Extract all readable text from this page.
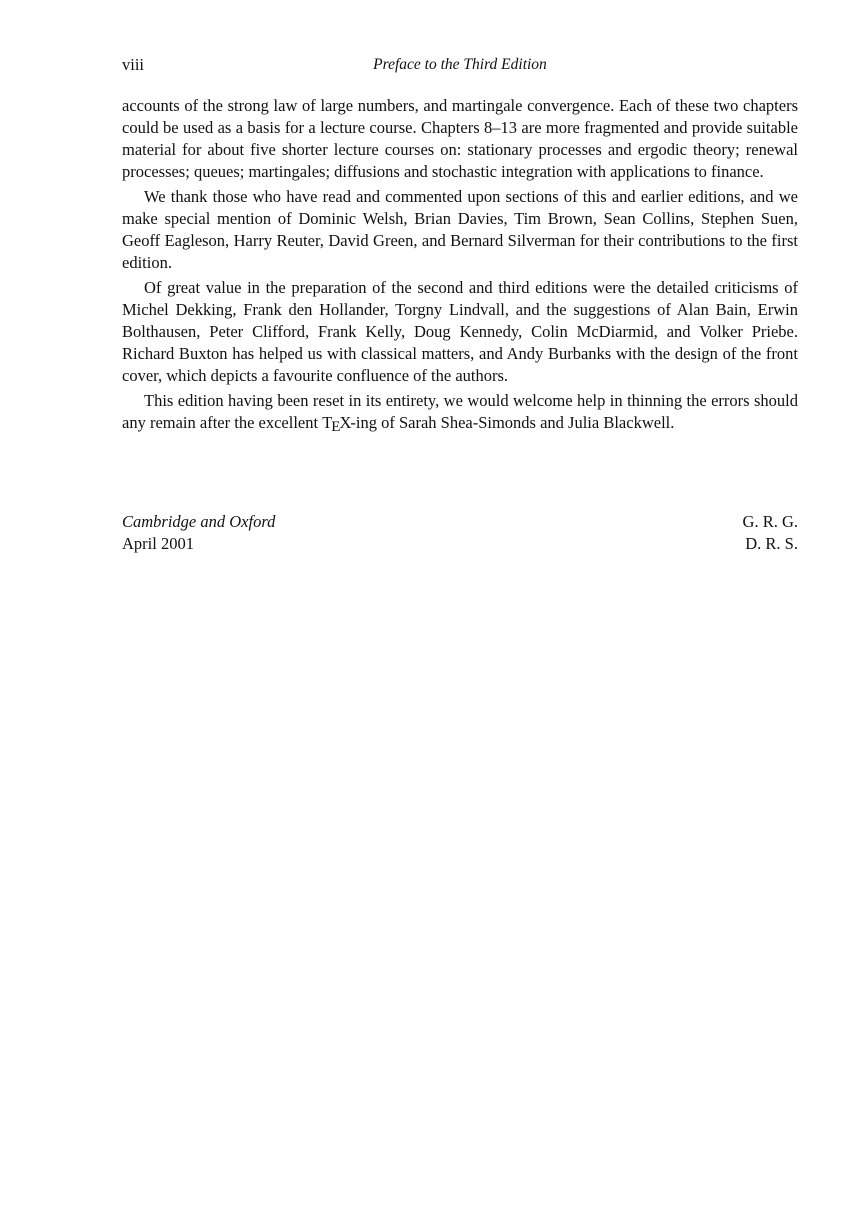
viii	Preface to the Third Edition

accounts of the strong law of large numbers, and martingale convergence. Each of these two chapters could be used as a basis for a lecture course. Chapters 8–13 are more fragmented and provide suitable material for about five shorter lecture courses on: stationary processes and ergodic theory; renewal processes; queues; martingales; diffusions and stochastic integration with applications to finance.

We thank those who have read and commented upon sections of this and earlier editions, and we make special mention of Dominic Welsh, Brian Davies, Tim Brown, Sean Collins, Stephen Suen, Geoff Eagleson, Harry Reuter, David Green, and Bernard Silverman for their contributions to the first edition.

Of great value in the preparation of the second and third editions were the detailed criticisms of Michel Dekking, Frank den Hollander, Torgny Lindvall, and the suggestions of Alan Bain, Erwin Bolthausen, Peter Clifford, Frank Kelly, Doug Kennedy, Colin McDiarmid, and Volker Priebe. Richard Buxton has helped us with classical matters, and Andy Burbanks with the design of the front cover, which depicts a favourite confluence of the authors.

This edition having been reset in its entirety, we would welcome help in thinning the errors should any remain after the excellent TEX-ing of Sarah Shea-Simonds and Julia Blackwell.

Cambridge and Oxford	G. R. G.
April 2001	D. R. S.
